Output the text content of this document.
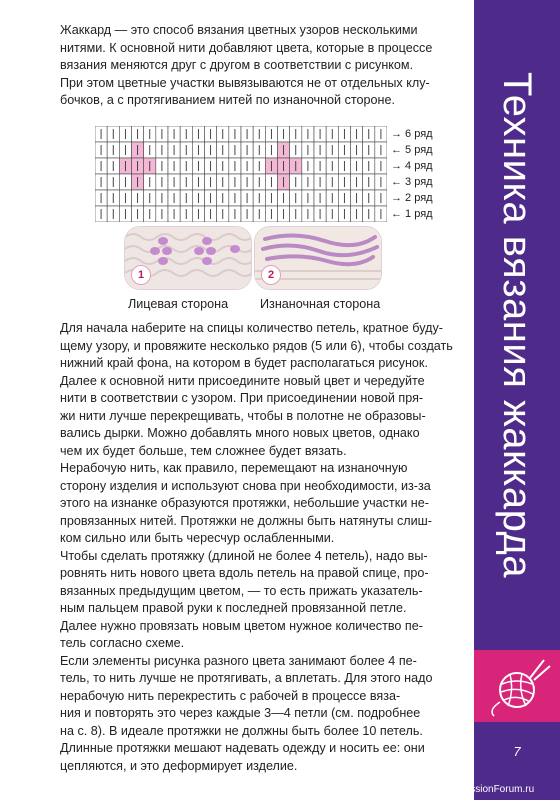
Жаккард — это способ вязания цветных узоров несколькими
нитями. К основной нити добавляют цвета, которые в процессе
вязания меняются друг с другом в соответствии с рисунком.
При этом цветные участки вывязываются не от отдельных клу-
бочков, а с протягиванием нитей по изнаночной стороне.

→ 6 ряд
← 5 ряд
→ 4 ряд
← 3 ряд
→ 2 ряд
← 1 ряд
1	2
Лицевая сторона	Изнаночная сторона

Для начала наберите на спицы количество петель, кратное буду-
щему узору, и провяжите несколько рядов (5 или 6), чтобы создать
нижний край фона, на котором в будет располагаться рисунок.
Далее к основной нити присоедините новый цвет и чередуйте
нити в соответствии с узором. При присоединении новой пря-
жи нити лучше перекрещивать, чтобы в полотне не образовы-
вались дырки. Можно добавлять много новых цветов, однако
чем их будет больше, тем сложнее будет вязать.
Нерабочую нить, как правило, перемещают на изнаночную
сторону изделия и используют снова при необходимости, из-за
этого на изнанке образуются протяжки, небольшие участки не-
провязанных нитей. Протяжки не должны быть натянуты слиш-
ком сильно или быть чересчур ослабленными.
Чтобы сделать протяжку (длиной не более 4 петель), надо вы-
ровнять нить нового цвета вдоль петель на правой спице, про-
вязанных предыдущим цветом, — то есть прижать указатель-
ным пальцем правой руки к последней провязанной петле.
Далее нужно провязать новым цветом нужное количество пе-
тель согласно схеме.
Если элементы рисунка разного цвета занимают более 4 пе-
тель, то нить лучше не протягивать, а вплетать. Для этого надо
нерабочую нить перекрестить с рабочей в процессе вяза-
ния и повторять это через каждые 3—4 петли (см. подробнее
на с. 8). В идеале протяжки не должны быть более 10 петель.
Длинные протяжки мешают надевать одежду и носить ее: они
цепляются, и это деформирует изделие.

Техника вязания жаккарда
7
PassionForum.ru
